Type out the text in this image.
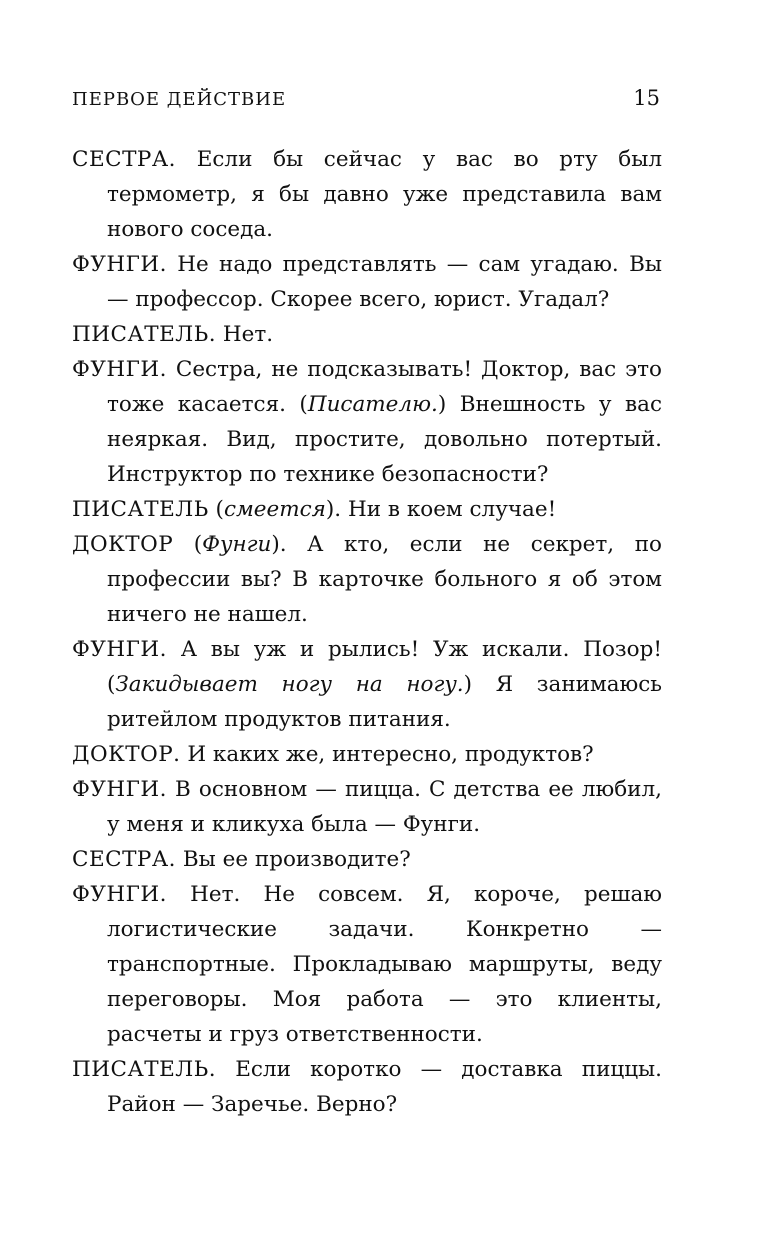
ПЕРВОЕ ДЕЙСТВИЕ	15

СЕСТРА. Если бы сейчас у вас во рту был термометр, я бы давно уже представила вам нового соседа.

ФУНГИ. Не надо представлять — сам угадаю. Вы — профессор. Скорее всего, юрист. Угадал?

ПИСАТЕЛЬ. Нет.

ФУНГИ. Сестра, не подсказывать! Доктор, вас это тоже касается. (Писателю.) Внешность у вас неяркая. Вид, простите, довольно потертый. Инструктор по технике безопасности?

ПИСАТЕЛЬ (смеется). Ни в коем случае!

ДОКТОР (Фунги). А кто, если не секрет, по профессии вы? В карточке больного я об этом ничего не нашел.

ФУНГИ. А вы уж и рылись! Уж искали. Позор! (Закидывает ногу на ногу.) Я занимаюсь ритейлом продуктов питания.

ДОКТОР. И каких же, интересно, продуктов?

ФУНГИ. В основном — пицца. С детства ее любил, у меня и кликуха была — Фунги.

СЕСТРА. Вы ее производите?

ФУНГИ. Нет. Не совсем. Я, короче, решаю логистические задачи. Конкретно — транспортные. Прокладываю маршруты, веду переговоры. Моя работа — это клиенты, расчеты и груз ответственности.

ПИСАТЕЛЬ. Если коротко — доставка пиццы. Район — Заречье. Верно?
